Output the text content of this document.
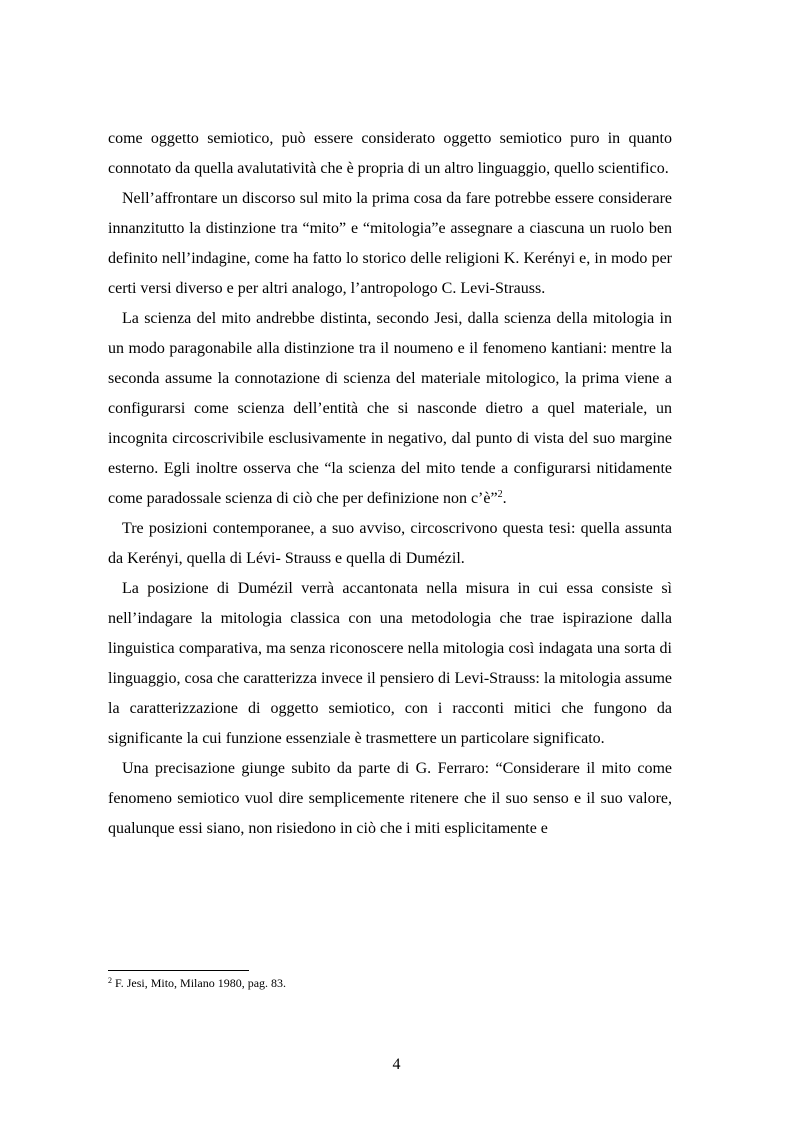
come oggetto semiotico, può essere considerato oggetto semiotico puro in quanto connotato da quella avalutatività che è propria di un altro linguaggio, quello scientifico.

Nell’affrontare un discorso sul mito la prima cosa da fare potrebbe essere considerare innanzitutto la distinzione tra “mito” e “mitologia”e assegnare a ciascuna un ruolo ben definito nell’indagine, come ha fatto lo storico delle religioni K. Kerényi e, in modo per certi versi diverso e per altri analogo, l’antropologo C. Levi-Strauss.

La scienza del mito andrebbe distinta, secondo Jesi, dalla scienza della mitologia in un modo paragonabile alla distinzione tra il noumeno e il fenomeno kantiani: mentre la seconda assume la connotazione di scienza del materiale mitologico, la prima viene a configurarsi come scienza dell’entità che si nasconde dietro a quel materiale, un incognita circoscrivibile esclusivamente in negativo, dal punto di vista del suo margine esterno. Egli inoltre osserva che “la scienza del mito tende a configurarsi nitidamente come paradossale scienza di ciò che per definizione non c’è”$^2$.

Tre posizioni contemporanee, a suo avviso, circoscrivono questa tesi: quella assunta da Kerényi, quella di Lévi- Strauss e quella di Dumézil.

La posizione di Dumézil verrà accantonata nella misura in cui essa consiste sì nell’indagare la mitologia classica con una metodologia che trae ispirazione dalla linguistica comparativa, ma senza riconoscere nella mitologia così indagata una sorta di linguaggio, cosa che caratterizza invece il pensiero di Levi-Strauss: la mitologia assume la caratterizzazione di oggetto semiotico, con i racconti mitici che fungono da significante la cui funzione essenziale è trasmettere un particolare significato.

Una precisazione giunge subito da parte di G. Ferraro: “Considerare il mito come fenomeno semiotico vuol dire semplicemente ritenere che il suo senso e il suo valore, qualunque essi siano, non risiedono in ciò che i miti esplicitamente e

$^2$ F. Jesi, Mito, Milano 1980, pag. 83.
4
